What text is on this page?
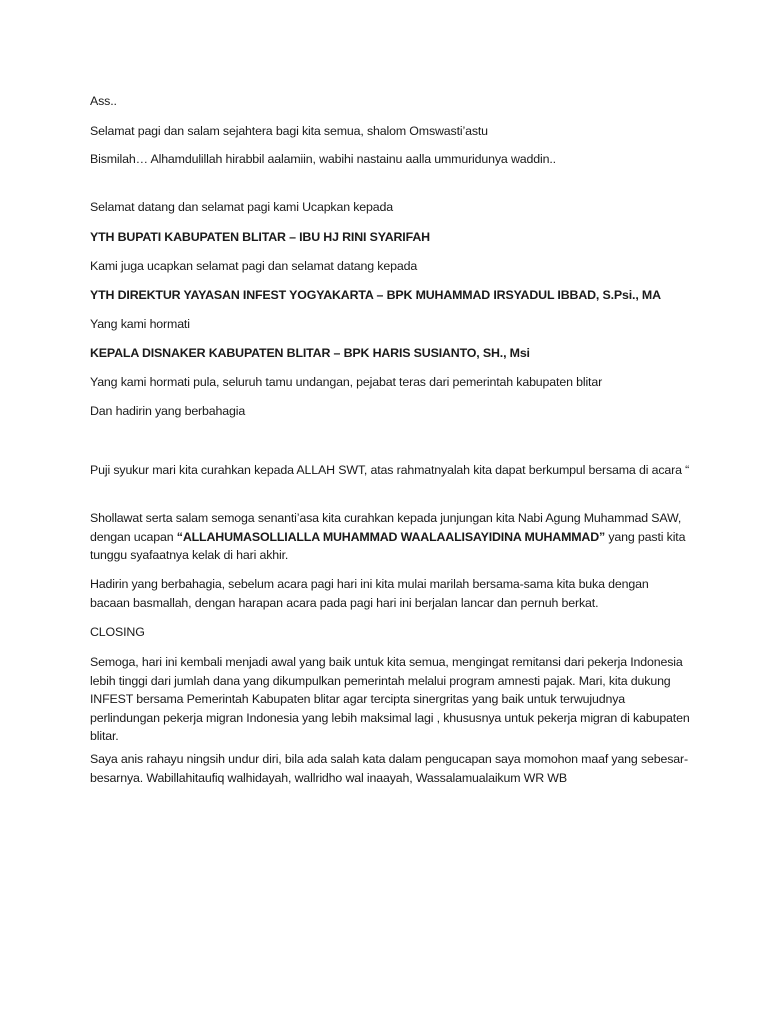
Ass..

Selamat pagi dan salam sejahtera bagi kita semua, shalom Omswasti’astu

Bismilah… Alhamdulillah hirabbil aalamiin, wabihi nastainu aalla ummuridunya waddin..

Selamat datang dan selamat pagi kami Ucapkan kepada

YTH BUPATI KABUPATEN BLITAR – IBU HJ RINI SYARIFAH

Kami juga ucapkan selamat pagi dan selamat datang kepada

YTH DIREKTUR YAYASAN INFEST YOGYAKARTA – BPK MUHAMMAD IRSYADUL IBBAD, S.Psi., MA

Yang kami hormati

KEPALA DISNAKER KABUPATEN BLITAR – BPK HARIS SUSIANTO, SH., Msi

Yang kami hormati pula, seluruh tamu undangan, pejabat teras dari pemerintah kabupaten blitar

Dan hadirin yang berbahagia

Puji syukur mari kita curahkan kepada ALLAH SWT, atas rahmatnyalah kita dapat berkumpul bersama di acara “

Shollawat serta salam semoga senanti’asa kita curahkan kepada junjungan kita Nabi Agung Muhammad SAW, dengan ucapan “ALLAHUMASOLLIALLA MUHAMMAD WAALAALISAYIDINA MUHAMMAD” yang pasti kita tunggu syafaatnya kelak di hari akhir.

Hadirin yang berbahagia, sebelum acara pagi hari ini kita mulai marilah bersama-sama kita buka dengan bacaan basmallah, dengan harapan acara pada pagi hari ini berjalan lancar dan pernuh berkat.

CLOSING

Semoga, hari ini kembali menjadi awal yang baik untuk kita semua, mengingat remitansi dari pekerja Indonesia lebih tinggi dari jumlah dana yang dikumpulkan pemerintah melalui program amnesti pajak. Mari, kita dukung INFEST bersama Pemerintah Kabupaten blitar agar tercipta sinergritas yang baik untuk terwujudnya perlindungan pekerja migran Indonesia yang lebih maksimal lagi , khususnya untuk pekerja migran di kabupaten blitar.

Saya anis rahayu ningsih undur diri, bila ada salah kata dalam pengucapan saya momohon maaf yang sebesar-besarnya. Wabillahitaufiq walhidayah, wallridho wal inaayah, Wassalamualaikum WR WB
